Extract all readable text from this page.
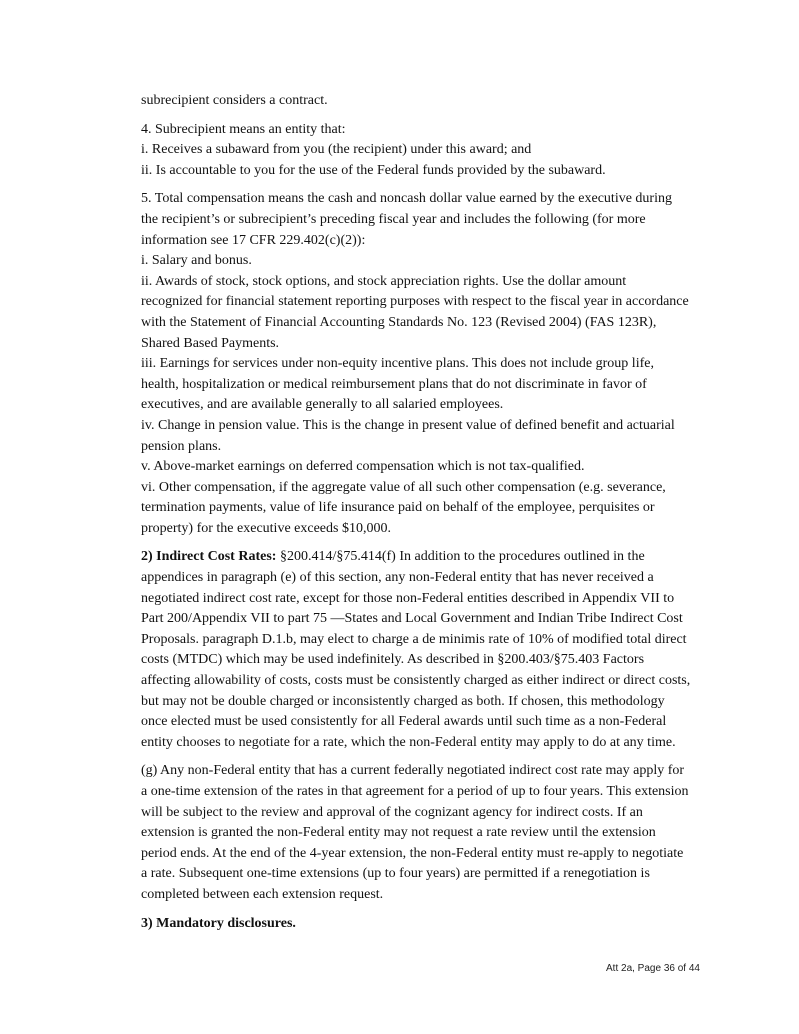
subrecipient considers a contract.

4. Subrecipient means an entity that:
i. Receives a subaward from you (the recipient) under this award; and
ii. Is accountable to you for the use of the Federal funds provided by the subaward.

5. Total compensation means the cash and noncash dollar value earned by the executive during
the recipient’s or subrecipient’s preceding fiscal year and includes the following (for more
information see 17 CFR 229.402(c)(2)):
i. Salary and bonus.
ii. Awards of stock, stock options, and stock appreciation rights. Use the dollar amount
recognized for financial statement reporting purposes with respect to the fiscal year in accordance
with the Statement of Financial Accounting Standards No. 123 (Revised 2004) (FAS 123R),
Shared Based Payments.
iii. Earnings for services under non-equity incentive plans. This does not include group life,
health, hospitalization or medical reimbursement plans that do not discriminate in favor of
executives, and are available generally to all salaried employees.
iv. Change in pension value. This is the change in present value of defined benefit and actuarial
pension plans.
v. Above-market earnings on deferred compensation which is not tax-qualified.
vi. Other compensation, if the aggregate value of all such other compensation (e.g. severance,
termination payments, value of life insurance paid on behalf of the employee, perquisites or
property) for the executive exceeds $10,000.

2) Indirect Cost Rates: §200.414/§75.414(f) In addition to the procedures outlined in the
appendices in paragraph (e) of this section, any non-Federal entity that has never received a
negotiated indirect cost rate, except for those non-Federal entities described in Appendix VII to
Part 200/Appendix VII to part 75 —States and Local Government and Indian Tribe Indirect Cost
Proposals. paragraph D.1.b, may elect to charge a de minimis rate of 10% of modified total direct
costs (MTDC) which may be used indefinitely. As described in §200.403/§75.403 Factors
affecting allowability of costs, costs must be consistently charged as either indirect or direct costs,
but may not be double charged or inconsistently charged as both. If chosen, this methodology
once elected must be used consistently for all Federal awards until such time as a non-Federal
entity chooses to negotiate for a rate, which the non-Federal entity may apply to do at any time.

(g) Any non-Federal entity that has a current federally negotiated indirect cost rate may apply for
a one-time extension of the rates in that agreement for a period of up to four years. This extension
will be subject to the review and approval of the cognizant agency for indirect costs. If an
extension is granted the non-Federal entity may not request a rate review until the extension
period ends. At the end of the 4-year extension, the non-Federal entity must re-apply to negotiate
a rate. Subsequent one-time extensions (up to four years) are permitted if a renegotiation is
completed between each extension request.

3) Mandatory disclosures.

Att 2a, Page 36 of 44
